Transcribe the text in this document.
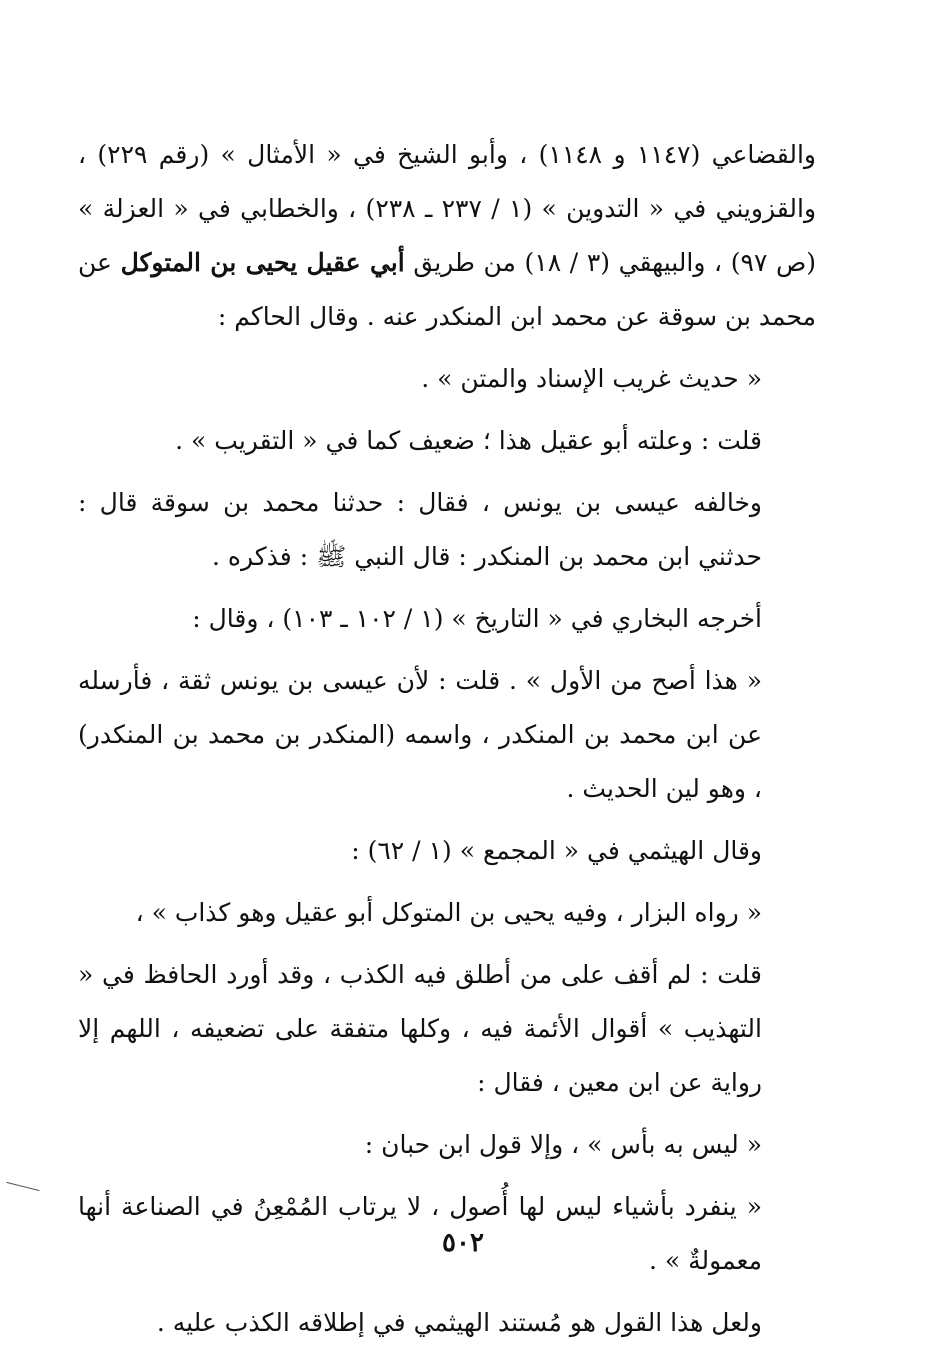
والقضاعي (١١٤٧ و ١١٤٨) ، وأبو الشيخ في « الأمثال » (رقم ٢٢٩) ، والقزويني في « التدوين » (١ / ٢٣٧ ـ ٢٣٨) ، والخطابي في « العزلة » (ص ٩٧) ، والبيهقي (٣ / ١٨) من طريق أبي عقيل يحيى بن المتوكل عن محمد بن سوقة عن محمد ابن المنكدر عنه . وقال الحاكم :

« حديث غريب الإسناد والمتن » .

قلت : وعلته أبو عقيل هذا ؛ ضعيف كما في « التقريب » .

وخالفه عيسى بن يونس ، فقال : حدثنا محمد بن سوقة قال : حدثني ابن محمد بن المنكدر : قال النبي ﷺ : فذكره .

أخرجه البخاري في « التاريخ » (١ / ١٠٢ ـ ١٠٣) ، وقال :

« هذا أصح من الأول » . قلت : لأن عيسى بن يونس ثقة ، فأرسله عن ابن محمد بن المنكدر ، واسمه (المنكدر بن محمد بن المنكدر) ، وهو لين الحديث .

وقال الهيثمي في « المجمع » (١ / ٦٢) :

« رواه البزار ، وفيه يحيى بن المتوكل أبو عقيل وهو كذاب » ،

قلت : لم أقف على من أطلق فيه الكذب ، وقد أورد الحافظ في « التهذيب » أقوال الأئمة فيه ، وكلها متفقة على تضعيفه ، اللهم إلا رواية عن ابن معين ، فقال :

« ليس به بأس » ، وإلا قول ابن حبان :

« ينفرد بأشياء ليس لها أُصول ، لا يرتاب المُمْعِنُ في الصناعة أنها معمولةٌ » .

ولعل هذا القول هو مُستند الهيثمي في إطلاقه الكذب عليه .

٥٠٢
